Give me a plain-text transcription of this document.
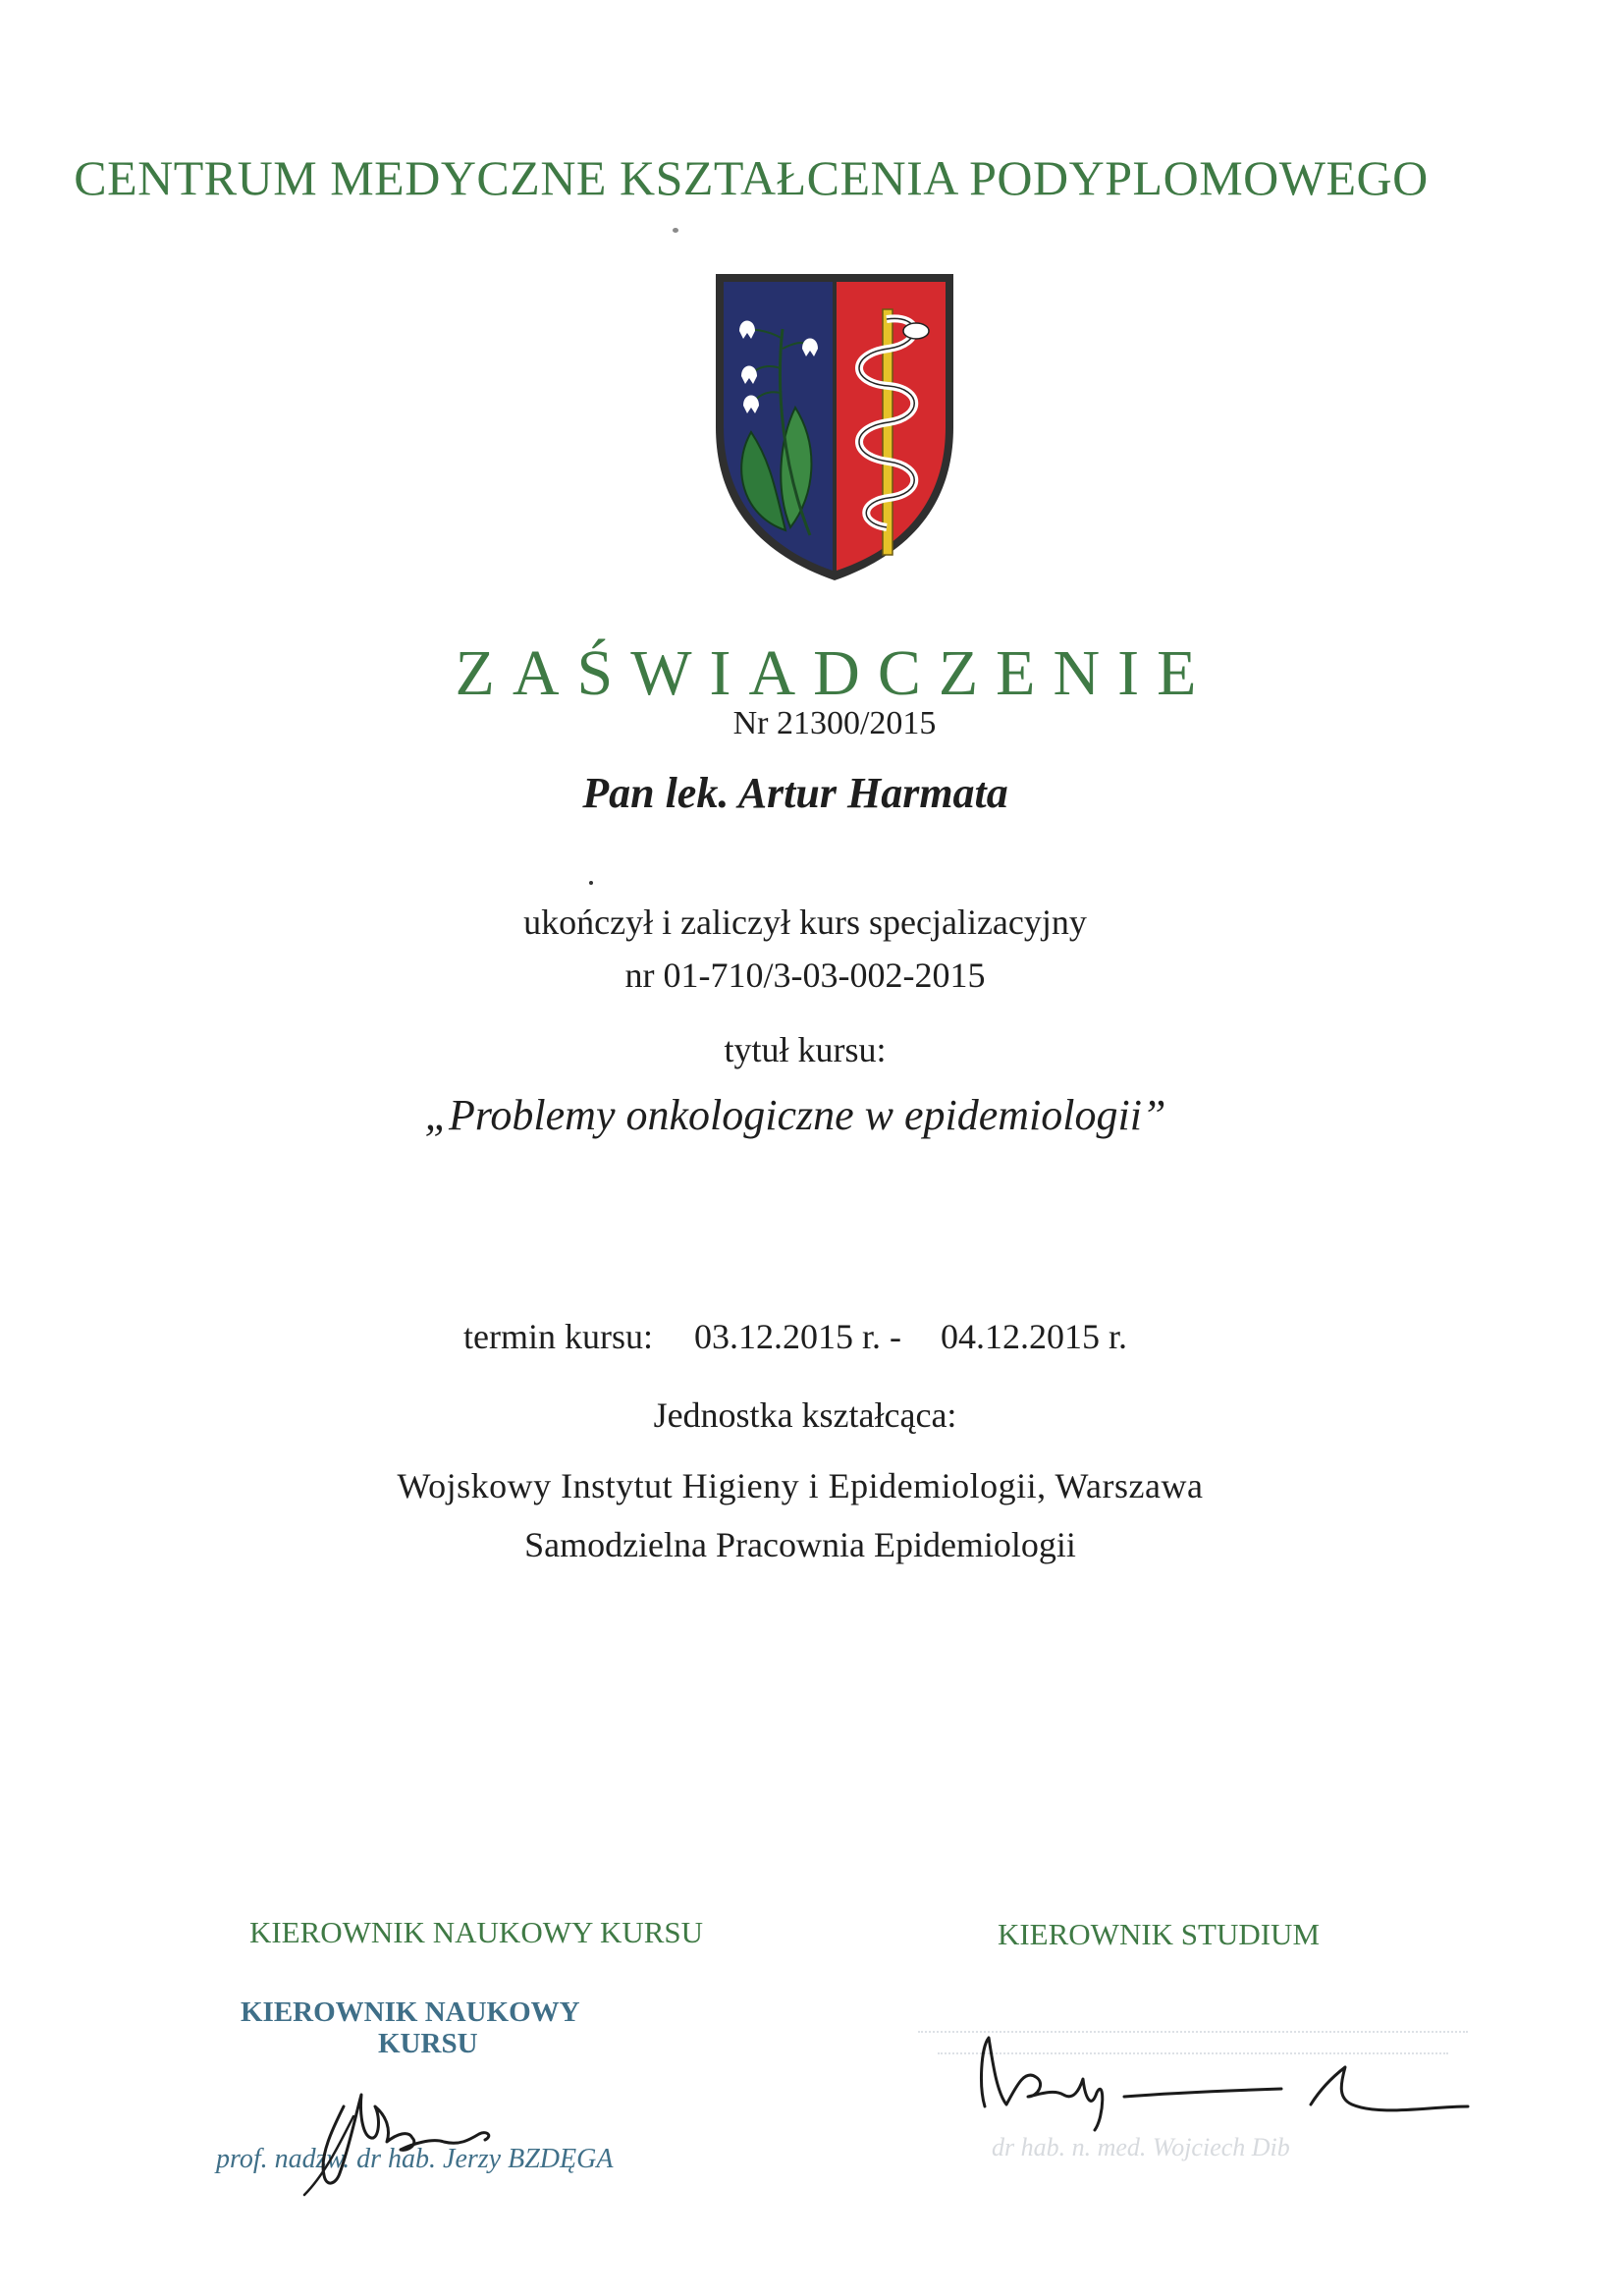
CENTRUM MEDYCZNE KSZTAŁCENIA PODYPLOMOWEGO
ZAŚWIADCZENIE
Nr 21300/2015
Pan lek. Artur Harmata
ukończył i zaliczył kurs specjalizacyjny
nr 01-710/3-03-002-2015
tytuł kursu:
„Problemy onkologiczne w epidemiologii”
termin kursu: 03.12.2015 r. - 04.12.2015 r.
Jednostka kształcąca:
Wojskowy Instytut Higieny i Epidemiologii, Warszawa
Samodzielna Pracownia Epidemiologii
KIEROWNIK NAUKOWY KURSU	KIEROWNIK STUDIUM
KIEROWNIK NAUKOWY
KURSU
prof. nadzw. dr hab. Jerzy BZDĘGA	dr hab. n. med. Wojciech Dib
